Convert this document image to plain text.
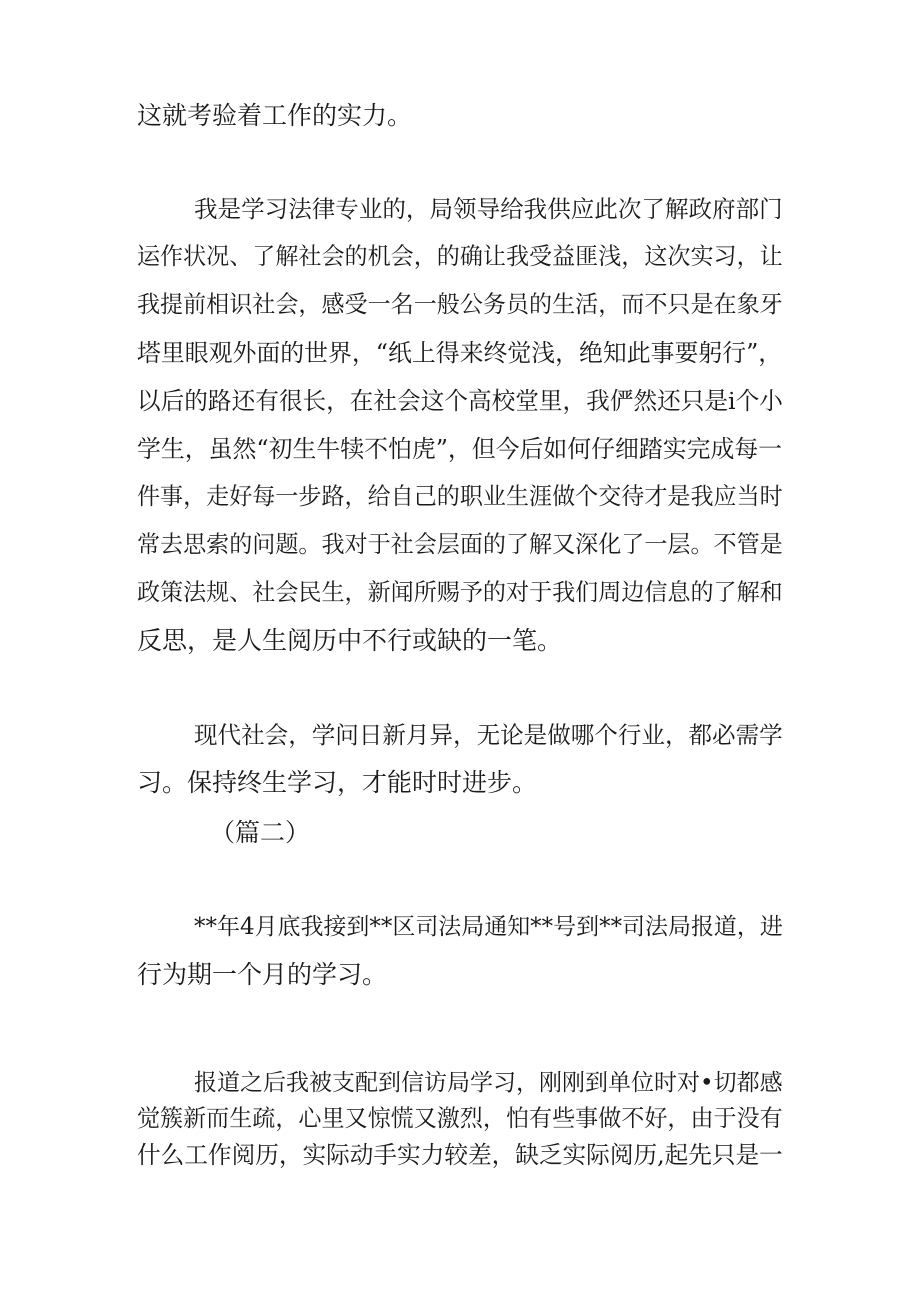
这就考验着工作的实力。
我是学习法律专业的，局领导给我供应此次了解政府部门
运作状况、了解社会的机会，的确让我受益匪浅，这次实习，让
我提前相识社会，感受一名一般公务员的生活，而不只是在象牙
塔里眼观外面的世界，“纸上得来终觉浅，绝知此事要躬行”，
以后的路还有很长，在社会这个高校堂里，我俨然还只是i个小
学生，虽然“初生牛犊不怕虎”，但今后如何仔细踏实完成每一
件事，走好每一步路，给自己的职业生涯做个交待才是我应当时
常去思索的问题。我对于社会层面的了解又深化了一层。不管是
政策法规、社会民生，新闻所赐予的对于我们周边信息的了解和
反思，是人生阅历中不行或缺的一笔。
现代社会，学问日新月异，无论是做哪个行业，都必需学
习。保持终生学习，才能时时进步。
（篇二）
**年4月底我接到**区司法局通知**号到**司法局报道，进
行为期一个月的学习。
报道之后我被支配到信访局学习，刚刚到单位时对•切都感
觉簇新而生疏，心里又惊慌又激烈，怕有些事做不好，由于没有
什么工作阅历，实际动手实力较差，缺乏实际阅历,起先只是一
